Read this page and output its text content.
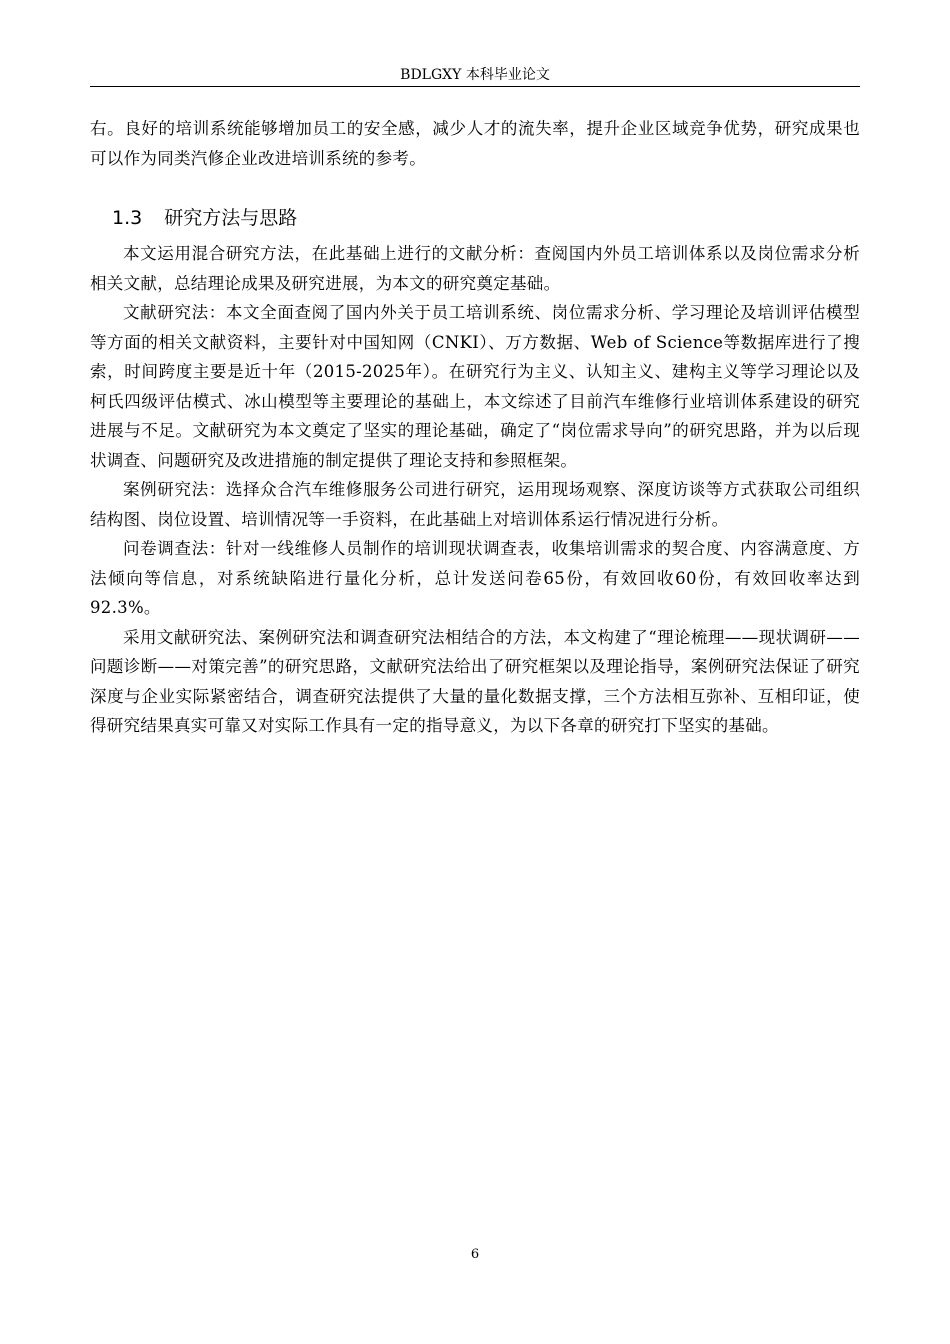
BDLGXY 本科毕业论文

右。良好的培训系统能够增加员工的安全感，减少人才的流失率，提升企业区域竞争优势，研究成果也可以作为同类汽修企业改进培训系统的参考。

1.3 研究方法与思路

本文运用混合研究方法，在此基础上进行的文献分析：查阅国内外员工培训体系以及岗位需求分析相关文献，总结理论成果及研究进展，为本文的研究奠定基础。

文献研究法：本文全面查阅了国内外关于员工培训系统、岗位需求分析、学习理论及培训评估模型等方面的相关文献资料，主要针对中国知网（CNKI）、万方数据、Web of Science等数据库进行了搜索，时间跨度主要是近十年（2015-2025年）。在研究行为主义、认知主义、建构主义等学习理论以及柯氏四级评估模式、冰山模型等主要理论的基础上，本文综述了目前汽车维修行业培训体系建设的研究进展与不足。文献研究为本文奠定了坚实的理论基础，确定了“岗位需求导向”的研究思路，并为以后现状调查、问题研究及改进措施的制定提供了理论支持和参照框架。

案例研究法：选择众合汽车维修服务公司进行研究，运用现场观察、深度访谈等方式获取公司组织结构图、岗位设置、培训情况等一手资料，在此基础上对培训体系运行情况进行分析。

问卷调查法：针对一线维修人员制作的培训现状调查表，收集培训需求的契合度、内容满意度、方法倾向等信息，对系统缺陷进行量化分析，总计发送问卷65份，有效回收60份，有效回收率达到92.3%。

采用文献研究法、案例研究法和调查研究法相结合的方法，本文构建了“理论梳理——现状调研——问题诊断——对策完善”的研究思路，文献研究法给出了研究框架以及理论指导，案例研究法保证了研究深度与企业实际紧密结合，调查研究法提供了大量的量化数据支撑，三个方法相互弥补、互相印证，使得研究结果真实可靠又对实际工作具有一定的指导意义，为以下各章的研究打下坚实的基础。

6
